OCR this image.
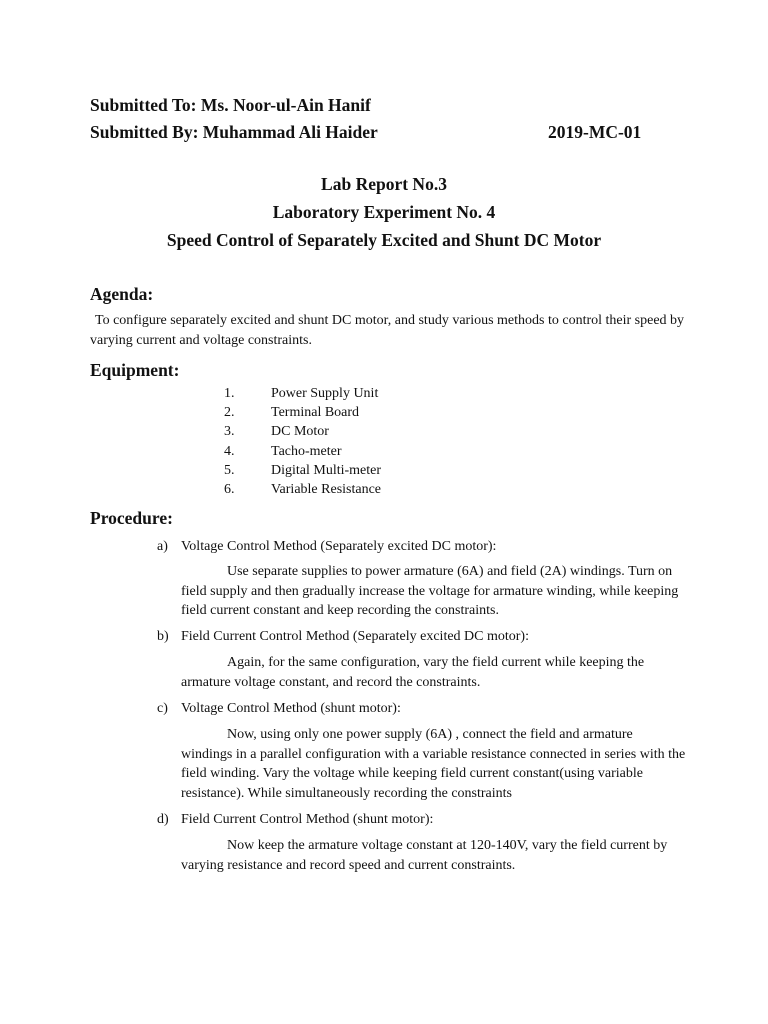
Submitted To: Ms. Noor-ul-Ain Hanif
Submitted By: Muhammad Ali Haider	2019-MC-01
Lab Report No.3
Laboratory Experiment No. 4
Speed Control of Separately Excited and Shunt DC Motor
Agenda:
To configure separately excited and shunt DC motor, and study various methods to control their speed by varying current and voltage constraints.
Equipment:
1.	Power Supply Unit
2.	Terminal Board
3.	DC Motor
4.	Tacho-meter
5.	Digital Multi-meter
6.	Variable Resistance
Procedure:
a) Voltage Control Method (Separately excited DC motor):
Use separate supplies to power armature (6A) and field (2A) windings. Turn on field supply and then gradually increase the voltage for armature winding, while keeping field current constant and keep recording the constraints.
b) Field Current Control Method (Separately excited DC motor):
Again, for the same configuration, vary the field current while keeping the armature voltage constant, and record the constraints.
c) Voltage Control Method (shunt motor):
Now, using only one power supply (6A) , connect the field and armature windings in a parallel configuration with a variable resistance connected in series with the field winding. Vary the voltage while keeping field current constant(using variable resistance). While simultaneously recording the constraints
d) Field Current Control Method (shunt motor):
Now keep the armature voltage constant at 120-140V, vary the field current by varying resistance and record speed and current constraints.
